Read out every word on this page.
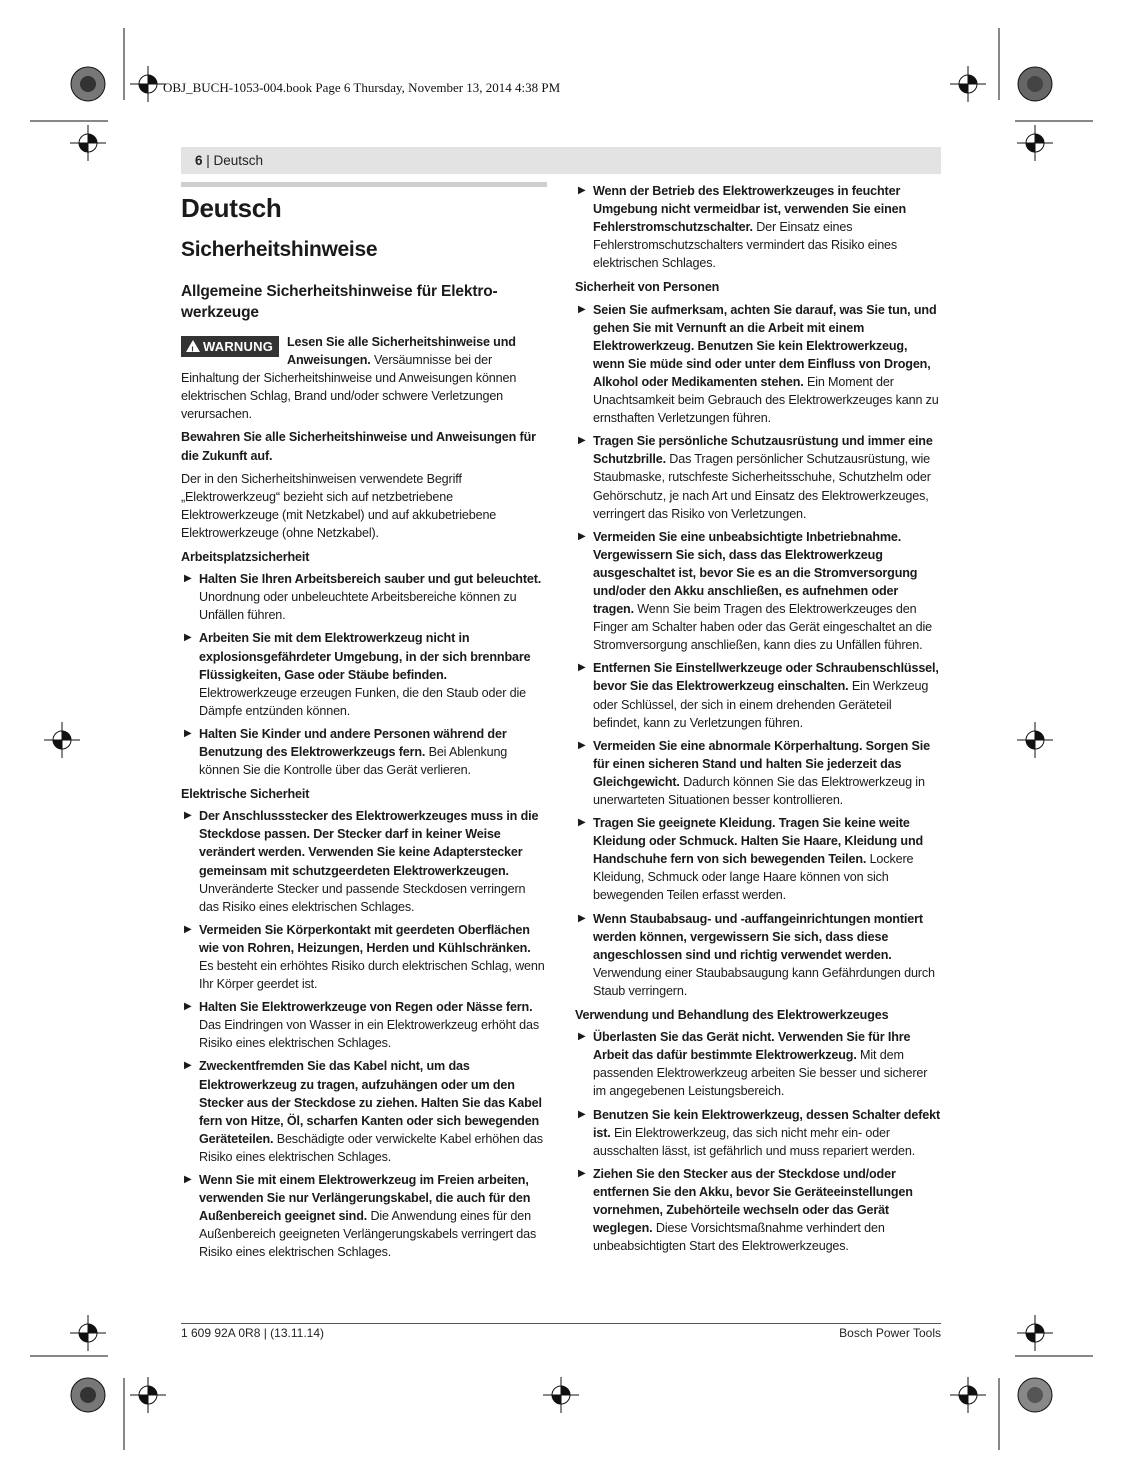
OBJ_BUCH-1053-004.book Page 6 Thursday, November 13, 2014 4:38 PM
6 | Deutsch
Deutsch
Sicherheitshinweise
Allgemeine Sicherheitshinweise für Elektro-werkzeuge
!WARNUNG	Lesen Sie alle Sicherheitshinweise und Anweisungen. Versäumnisse bei der Einhaltung der Sicherheitshinweise und Anweisungen können elektrischen Schlag, Brand und/oder schwere Verletzungen verursachen.

Bewahren Sie alle Sicherheitshinweise und Anweisungen für die Zukunft auf.

Der in den Sicherheitshinweisen verwendete Begriff „Elektrowerkzeug“ bezieht sich auf netzbetriebene Elektrowerkzeuge (mit Netzkabel) und auf akkubetriebene Elektrowerkzeuge (ohne Netzkabel).

Arbeitsplatzsicherheit
▶ Halten Sie Ihren Arbeitsbereich sauber und gut beleuchtet. Unordnung oder unbeleuchtete Arbeitsbereiche können zu Unfällen führen.
▶ Arbeiten Sie mit dem Elektrowerkzeug nicht in explosionsgefährdeter Umgebung, in der sich brennbare Flüssigkeiten, Gase oder Stäube befinden. Elektrowerkzeuge erzeugen Funken, die den Staub oder die Dämpfe entzünden können.
▶ Halten Sie Kinder und andere Personen während der Benutzung des Elektrowerkzeugs fern. Bei Ablenkung können Sie die Kontrolle über das Gerät verlieren.
Elektrische Sicherheit
▶ Der Anschlussstecker des Elektrowerkzeuges muss in die Steckdose passen. Der Stecker darf in keiner Weise verändert werden. Verwenden Sie keine Adapterstecker gemeinsam mit schutzgeerdeten Elektrowerkzeugen. Unveränderte Stecker und passende Steckdosen verringern das Risiko eines elektrischen Schlages.
▶ Vermeiden Sie Körperkontakt mit geerdeten Oberflächen wie von Rohren, Heizungen, Herden und Kühlschränken. Es besteht ein erhöhtes Risiko durch elektrischen Schlag, wenn Ihr Körper geerdet ist.
▶ Halten Sie Elektrowerkzeuge von Regen oder Nässe fern. Das Eindringen von Wasser in ein Elektrowerkzeug erhöht das Risiko eines elektrischen Schlages.
▶ Zweckentfremden Sie das Kabel nicht, um das Elektrowerkzeug zu tragen, aufzuhängen oder um den Stecker aus der Steckdose zu ziehen. Halten Sie das Kabel fern von Hitze, Öl, scharfen Kanten oder sich bewegenden Geräteteilen. Beschädigte oder verwickelte Kabel erhöhen das Risiko eines elektrischen Schlages.
▶ Wenn Sie mit einem Elektrowerkzeug im Freien arbeiten, verwenden Sie nur Verlängerungskabel, die auch für den Außenbereich geeignet sind. Die Anwendung eines für den Außenbereich geeigneten Verlängerungskabels verringert das Risiko eines elektrischen Schlages.
▶ Wenn der Betrieb des Elektrowerkzeuges in feuchter Umgebung nicht vermeidbar ist, verwenden Sie einen Fehlerstromschutzschalter. Der Einsatz eines Fehlerstromschutzschalters vermindert das Risiko eines elektrischen Schlages.
Sicherheit von Personen
▶ Seien Sie aufmerksam, achten Sie darauf, was Sie tun, und gehen Sie mit Vernunft an die Arbeit mit einem Elektrowerkzeug. Benutzen Sie kein Elektrowerkzeug, wenn Sie müde sind oder unter dem Einfluss von Drogen, Alkohol oder Medikamenten stehen. Ein Moment der Unachtsamkeit beim Gebrauch des Elektrowerkzeuges kann zu ernsthaften Verletzungen führen.
▶ Tragen Sie persönliche Schutzausrüstung und immer eine Schutzbrille. Das Tragen persönlicher Schutzausrüstung, wie Staubmaske, rutschfeste Sicherheitsschuhe, Schutzhelm oder Gehörschutz, je nach Art und Einsatz des Elektrowerkzeuges, verringert das Risiko von Verletzungen.
▶ Vermeiden Sie eine unbeabsichtigte Inbetriebnahme. Vergewissern Sie sich, dass das Elektrowerkzeug ausgeschaltet ist, bevor Sie es an die Stromversorgung und/oder den Akku anschließen, es aufnehmen oder tragen. Wenn Sie beim Tragen des Elektrowerkzeuges den Finger am Schalter haben oder das Gerät eingeschaltet an die Stromversorgung anschließen, kann dies zu Unfällen führen.
▶ Entfernen Sie Einstellwerkzeuge oder Schraubenschlüssel, bevor Sie das Elektrowerkzeug einschalten. Ein Werkzeug oder Schlüssel, der sich in einem drehenden Geräteteil befindet, kann zu Verletzungen führen.
▶ Vermeiden Sie eine abnormale Körperhaltung. Sorgen Sie für einen sicheren Stand und halten Sie jederzeit das Gleichgewicht. Dadurch können Sie das Elektrowerkzeug in unerwarteten Situationen besser kontrollieren.
▶ Tragen Sie geeignete Kleidung. Tragen Sie keine weite Kleidung oder Schmuck. Halten Sie Haare, Kleidung und Handschuhe fern von sich bewegenden Teilen. Lockere Kleidung, Schmuck oder lange Haare können von sich bewegenden Teilen erfasst werden.
▶ Wenn Staubabsaug- und -auffangeinrichtungen montiert werden können, vergewissern Sie sich, dass diese angeschlossen sind und richtig verwendet werden. Verwendung einer Staubabsaugung kann Gefährdungen durch Staub verringern.
Verwendung und Behandlung des Elektrowerkzeuges
▶ Überlasten Sie das Gerät nicht. Verwenden Sie für Ihre Arbeit das dafür bestimmte Elektrowerkzeug. Mit dem passenden Elektrowerkzeug arbeiten Sie besser und sicherer im angegebenen Leistungsbereich.
▶ Benutzen Sie kein Elektrowerkzeug, dessen Schalter defekt ist. Ein Elektrowerkzeug, das sich nicht mehr ein- oder ausschalten lässt, ist gefährlich und muss repariert werden.
▶ Ziehen Sie den Stecker aus der Steckdose und/oder entfernen Sie den Akku, bevor Sie Geräteeinstellungen vornehmen, Zubehörteile wechseln oder das Gerät weglegen. Diese Vorsichtsmaßnahme verhindert den unbeabsichtigten Start des Elektrowerkzeuges.
1 609 92A 0R8 | (13.11.14)	Bosch Power Tools
